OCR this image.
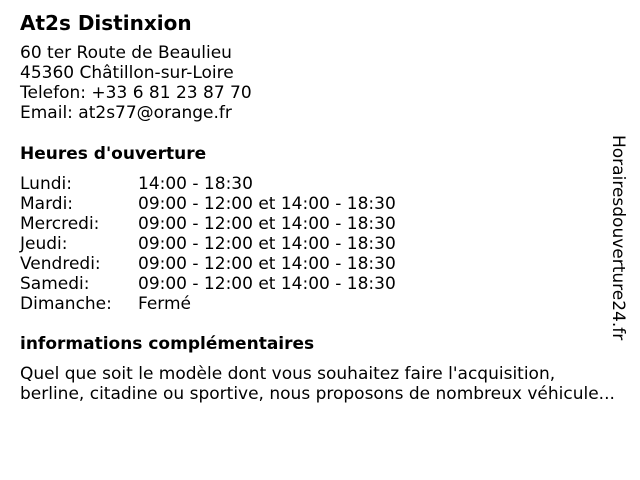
At2s Distinxion
60 ter Route de Beaulieu
45360 Châtillon-sur-Loire
Telefon: +33 6 81 23 87 70
Email: at2s77@orange.fr
Heures d'ouverture
Lundi:	14:00 - 18:30
Mardi:	09:00 - 12:00 et 14:00 - 18:30
Mercredi: 09:00 - 12:00 et 14:00 - 18:30
Jeudi:	09:00 - 12:00 et 14:00 - 18:30
Vendredi: 09:00 - 12:00 et 14:00 - 18:30
Samedi:	09:00 - 12:00 et 14:00 - 18:30
Dimanche: Fermé
informations complémentaires
Quel que soit le modèle dont vous souhaitez faire l'acquisition,
berline, citadine ou sportive, nous proposons de nombreux véhicule...
Horairesdouverture24.fr
